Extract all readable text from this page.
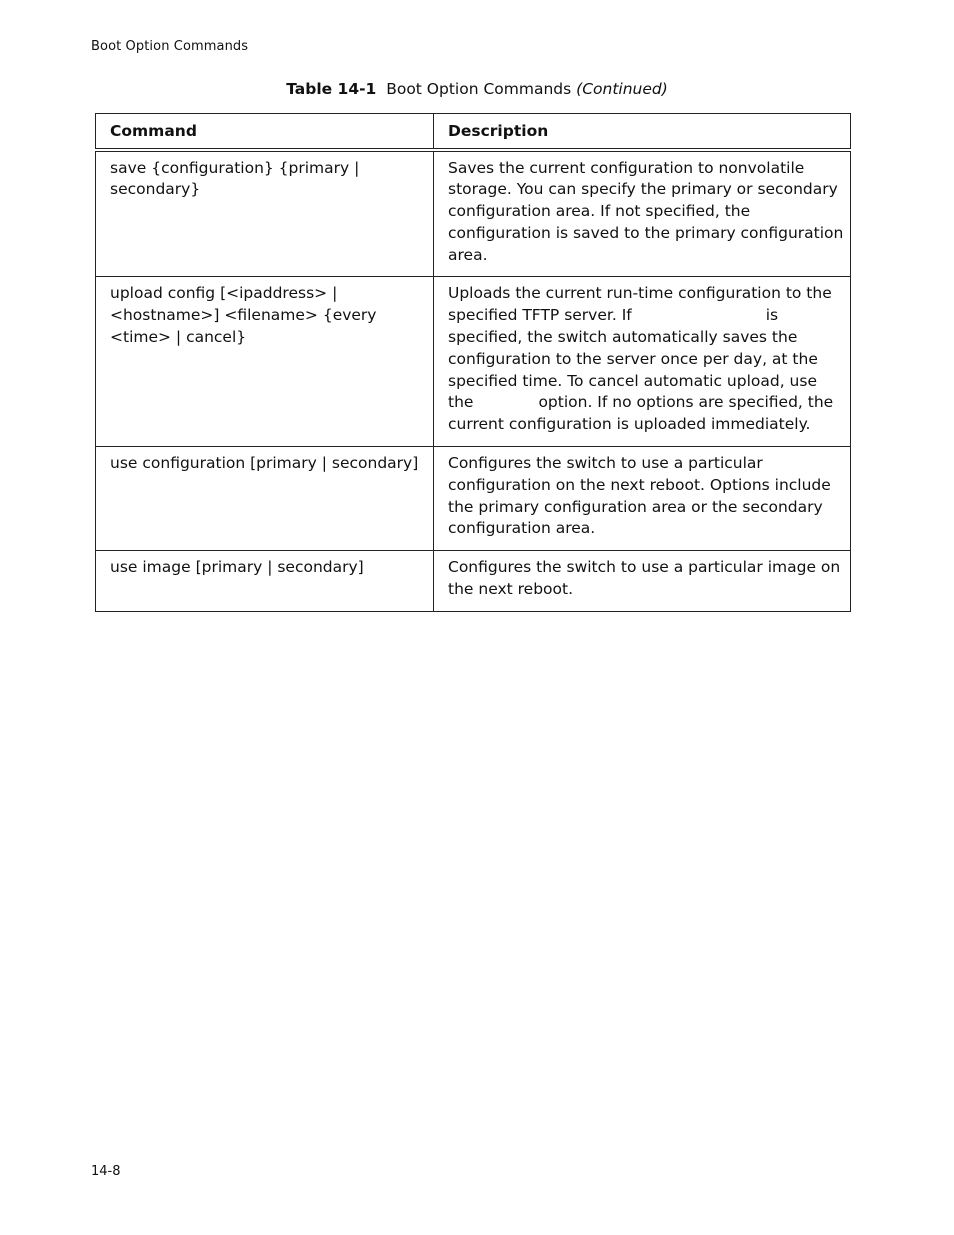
Boot Option Commands
Table 14-1 Boot Option Commands (Continued)
Command	Description
save {configuration} {primary | secondary}	Saves the current configuration to nonvolatile storage. You can specify the primary or secondary configuration area. If not specified, the configuration is saved to the primary configuration area.
upload config [<ipaddress> | <hostname>] <filename> {every <time> | cancel}	Uploads the current run-time configuration to the specified TFTP server. If is specified, the switch automatically saves the configuration to the server once per day, at the specified time. To cancel automatic upload, use the option. If no options are specified, the current configuration is uploaded immediately.
use configuration [primary | secondary]	Configures the switch to use a particular configuration on the next reboot. Options include the primary configuration area or the secondary configuration area.
use image [primary | secondary]	Configures the switch to use a particular image on the next reboot.
14-8
